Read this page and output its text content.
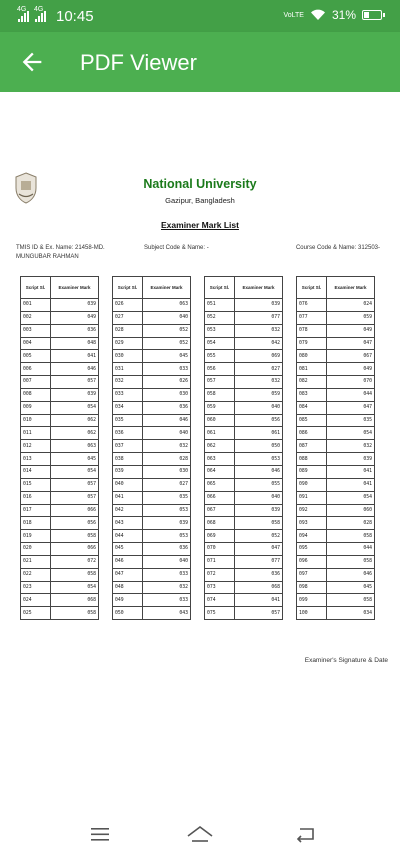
4G 4G 10:45	VoLTE 31%
PDF Viewer
National University
Gazipur, Bangladesh
Examiner Mark List
TMIS ID & Ex. Name: 21458-MD.
MUNGUBAR RAHMAN
Subject Code & Name: -	Course Code & Name: 312503-
Script Sl.	Examiner Mark
001	039
002	049
003	036
004	048
005	041
006	046
007	057
008	039
009	054
010	062
011	062
012	063
013	045
014	054
015	057
016	057
017	066
018	056
019	058
020	066
021	072
022	058
023	054
024	068
025	058
Script Sl.	Examiner Mark
026	063
027	040
028	052
029	052
030	045
031	033
032	026
033	030
034	036
035	046
036	040
037	032
038	028
039	030
040	027
041	035
042	053
043	039
044	053
045	036
046	040
047	033
048	032
049	033
050	043
Script Sl.	Examiner Mark
051	039
052	077
053	032
054	042
055	069
056	027
057	032
058	059
059	040
060	056
061	061
062	050
063	053
064	046
065	055
066	040
067	039
068	058
069	052
070	047
071	077
072	036
073	068
074	041
075	057
Script Sl.	Examiner Mark
076	024
077	059
078	049
079	047
080	067
081	049
082	070
083	044
084	047
085	035
086	054
087	032
088	039
089	041
090	041
091	054
092	060
093	028
094	058
095	044
096	058
097	046
098	045
099	058
100	034
Examiner's Signature & Date
